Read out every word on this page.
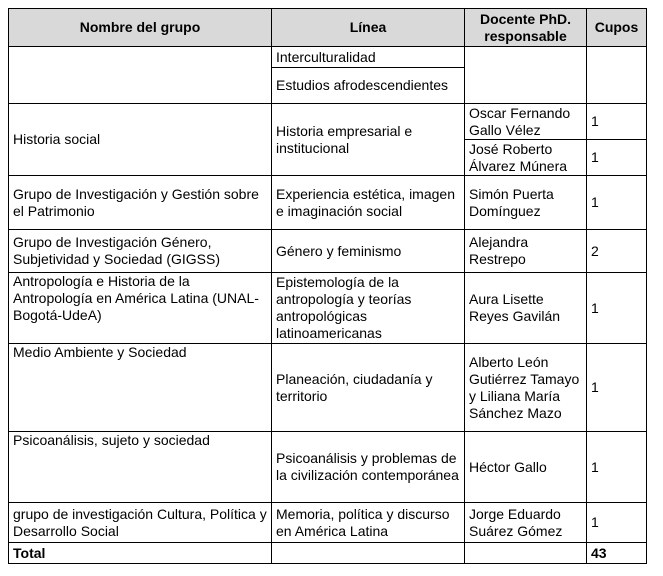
Nombre del grupo	Línea	Docente PhD. responsable	Cupos
	Interculturalidad		
	Estudios afrodescendientes		
Historia social	Historia empresarial e institucional	Oscar Fernando Gallo Vélez	1
		José Roberto Álvarez Múnera	1
Grupo de Investigación y Gestión sobre el Patrimonio	Experiencia estética, imagen e imaginación social	Simón Puerta Domínguez	1
Grupo de Investigación Género, Subjetividad y Sociedad (GIGSS)	Género y feminismo	Alejandra Restrepo	2
Antropología e Historia de la Antropología en América Latina (UNAL- Bogotá-UdeA)	Epistemología de la antropología y teorías antropológicas latinoamericanas	Aura Lisette Reyes Gavilán	1
Medio Ambiente y Sociedad	Planeación, ciudadanía y territorio	Alberto León Gutiérrez Tamayo y Liliana María Sánchez Mazo	1
Psicoanálisis, sujeto y sociedad	Psicoanálisis y problemas de la civilización contemporánea	Héctor Gallo	1
grupo de investigación Cultura, Política y Desarrollo Social	Memoria, política y discurso en América Latina	Jorge Eduardo Suárez Gómez	1
Total			43
